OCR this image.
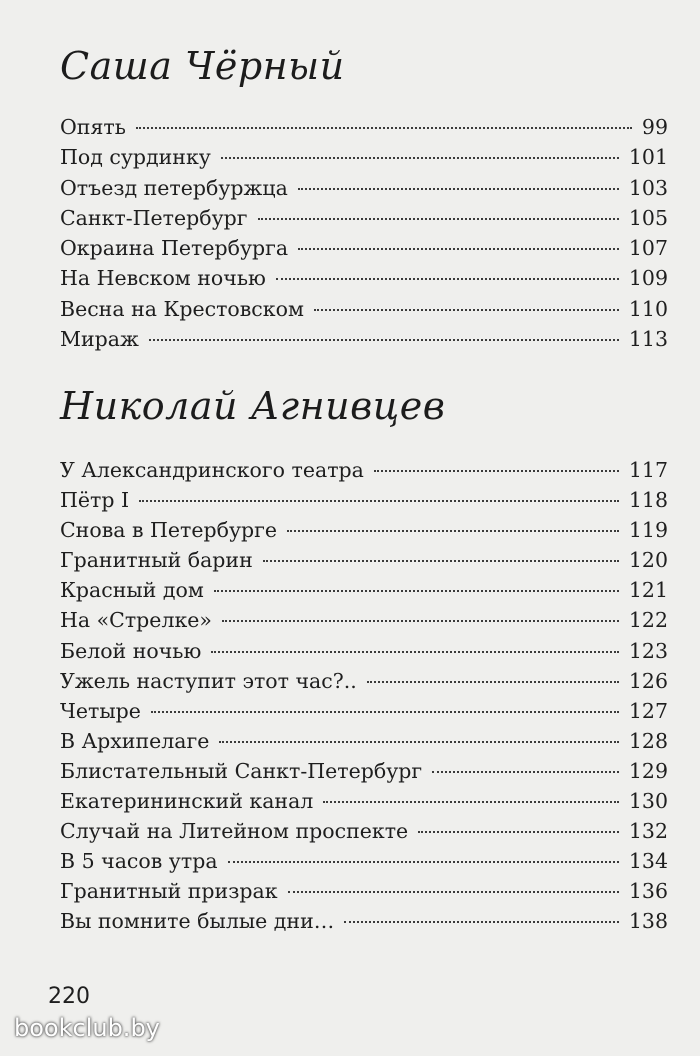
Саша Чёрный
Опять	99
Под сурдинку	101
Отъезд петербуржца	103
Санкт-Петербург	105
Окраина Петербурга	107
На Невском ночью	109
Весна на Крестовском	110
Мираж	113
Николай Агнивцев
У Александринского театра	117
Пётр I	118
Снова в Петербурге	119
Гранитный барин	120
Красный дом	121
На «Стрелке»	122
Белой ночью	123
Ужель наступит этот час?..	126
Четыре	127
В Архипелаге	128
Блистательный Санкт-Петербург	129
Екатерининский канал	130
Случай на Литейном проспекте	132
В 5 часов утра	134
Гранитный призрак	136
Вы помните былые дни…	138
220
bookclub.by
